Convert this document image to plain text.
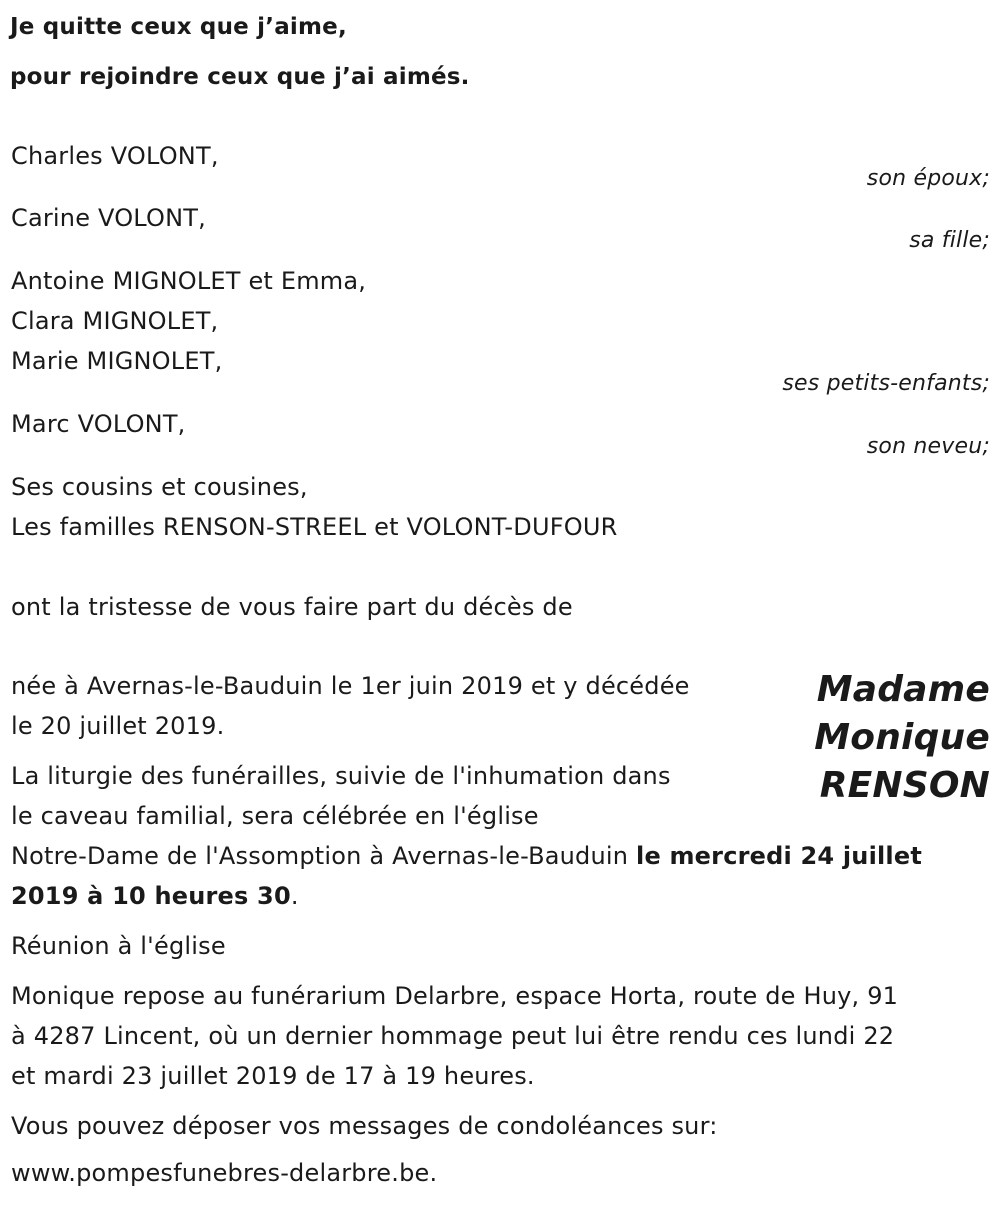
Je quitte ceux que j’aime,
pour rejoindre ceux que j’ai aimés.
Charles VOLONT,
son époux;
Carine VOLONT,
sa fille;
Antoine MIGNOLET et Emma,
Clara MIGNOLET,
Marie MIGNOLET,
ses petits-enfants;
Marc VOLONT,
son neveu;
Ses cousins et cousines,
Les familles RENSON-STREEL et VOLONT-DUFOUR
ont la tristesse de vous faire part du décès de
Madame
Monique
RENSON
née à Avernas-le-Bauduin le 1er juin 2019 et y décédée
le 20 juillet 2019.
La liturgie des funérailles, suivie de l'inhumation dans
le caveau familial, sera célébrée en l'église
Notre-Dame de l'Assomption à Avernas-le-Bauduin le mercredi 24 juillet
2019 à 10 heures 30.
Réunion à l'église
Monique repose au funérarium Delarbre, espace Horta, route de Huy, 91
à 4287 Lincent, où un dernier hommage peut lui être rendu ces lundi 22
et mardi 23 juillet 2019 de 17 à 19 heures.
Vous pouvez déposer vos messages de condoléances sur:
www.pompesfunebres-delarbre.be.
